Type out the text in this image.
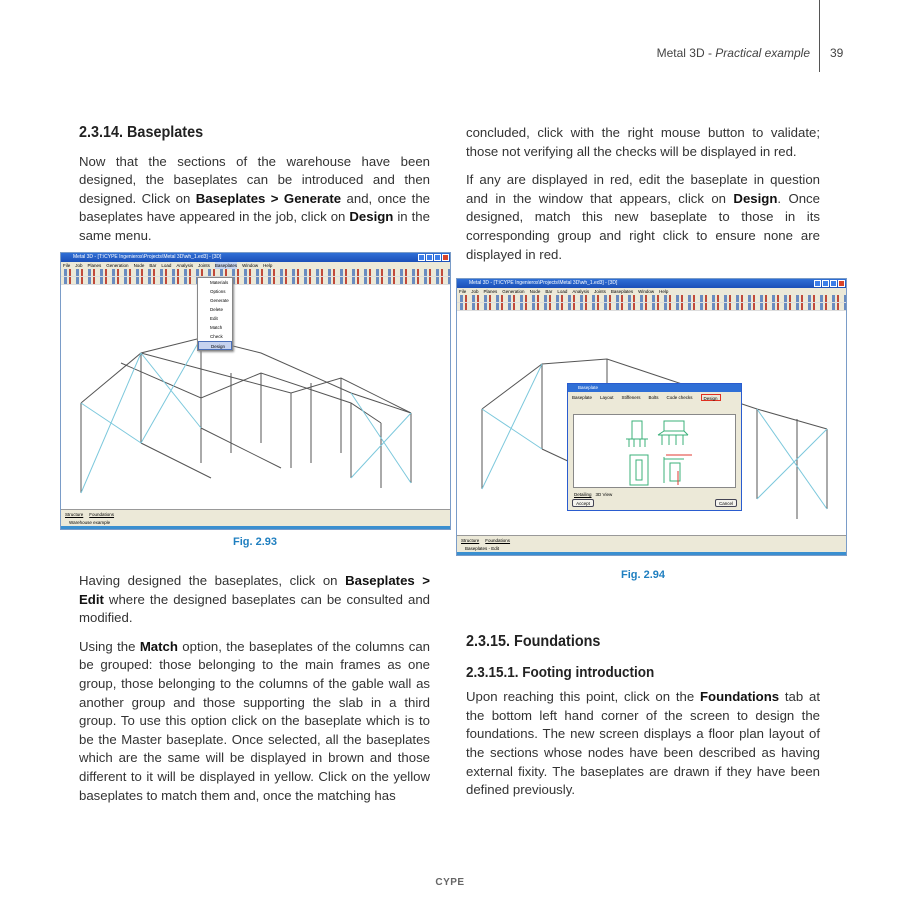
Metal 3D - Practical example 39
2.3.14. Baseplates

Now that the sections of the warehouse have been designed, the baseplates can be introduced and then designed. Click on Baseplates > Generate and, once the baseplates have appeared in the job, click on Design in the same menu.

Metal 3D - [T:\CYPE Ingenieros\Projects\Metal 3D\wh_1.ed3] - [3D]
File Job Planes Generation Node Bar Load Analysis Joints Baseplates Window Help
Materials
Options
Generate
Delete
Edit
Match
Check
Design
Structure Foundations
Warehouse example
Fig. 2.93

Having designed the baseplates, click on Baseplates > Edit where the designed baseplates can be consulted and modified.

Using the Match option, the baseplates of the columns can be grouped: those belonging to the main frames as one group, those belonging to the columns of the gable wall as another group and those supporting the slab in a third group. To use this option click on the baseplate which is to be the Master baseplate. Once selected, all the baseplates which are the same will be displayed in brown and those different to it will be displayed in yellow. Click on the yellow baseplates to match them and, once the matching has

concluded, click with the right mouse button to validate; those not verifying all the checks will be displayed in red.

If any are displayed in red, edit the baseplate in question and in the window that appears, click on Design. Once designed, match this new baseplate to those in its corresponding group and right click to ensure none are displayed in red.

Metal 3D - [T:\CYPE Ingenieros\Projects\Metal 3D\wh_1.ed3] - [3D]
File Job Planes Generation Node Bar Load Analysis Joints Baseplates Window Help
Baseplate
Baseplate Layout Stiffeners Bolts Code checks	Design
Detailing 3D View
Accept	Cancel
Structure Foundations
Baseplates - Edit
Fig. 2.94
2.3.15. Foundations
2.3.15.1. Footing introduction

Upon reaching this point, click on the Foundations tab at the bottom left hand corner of the screen to design the foundations. The new screen displays a floor plan layout of the sections whose nodes have been described as having external fixity. The baseplates are drawn if they have been defined previously.

CYPE
